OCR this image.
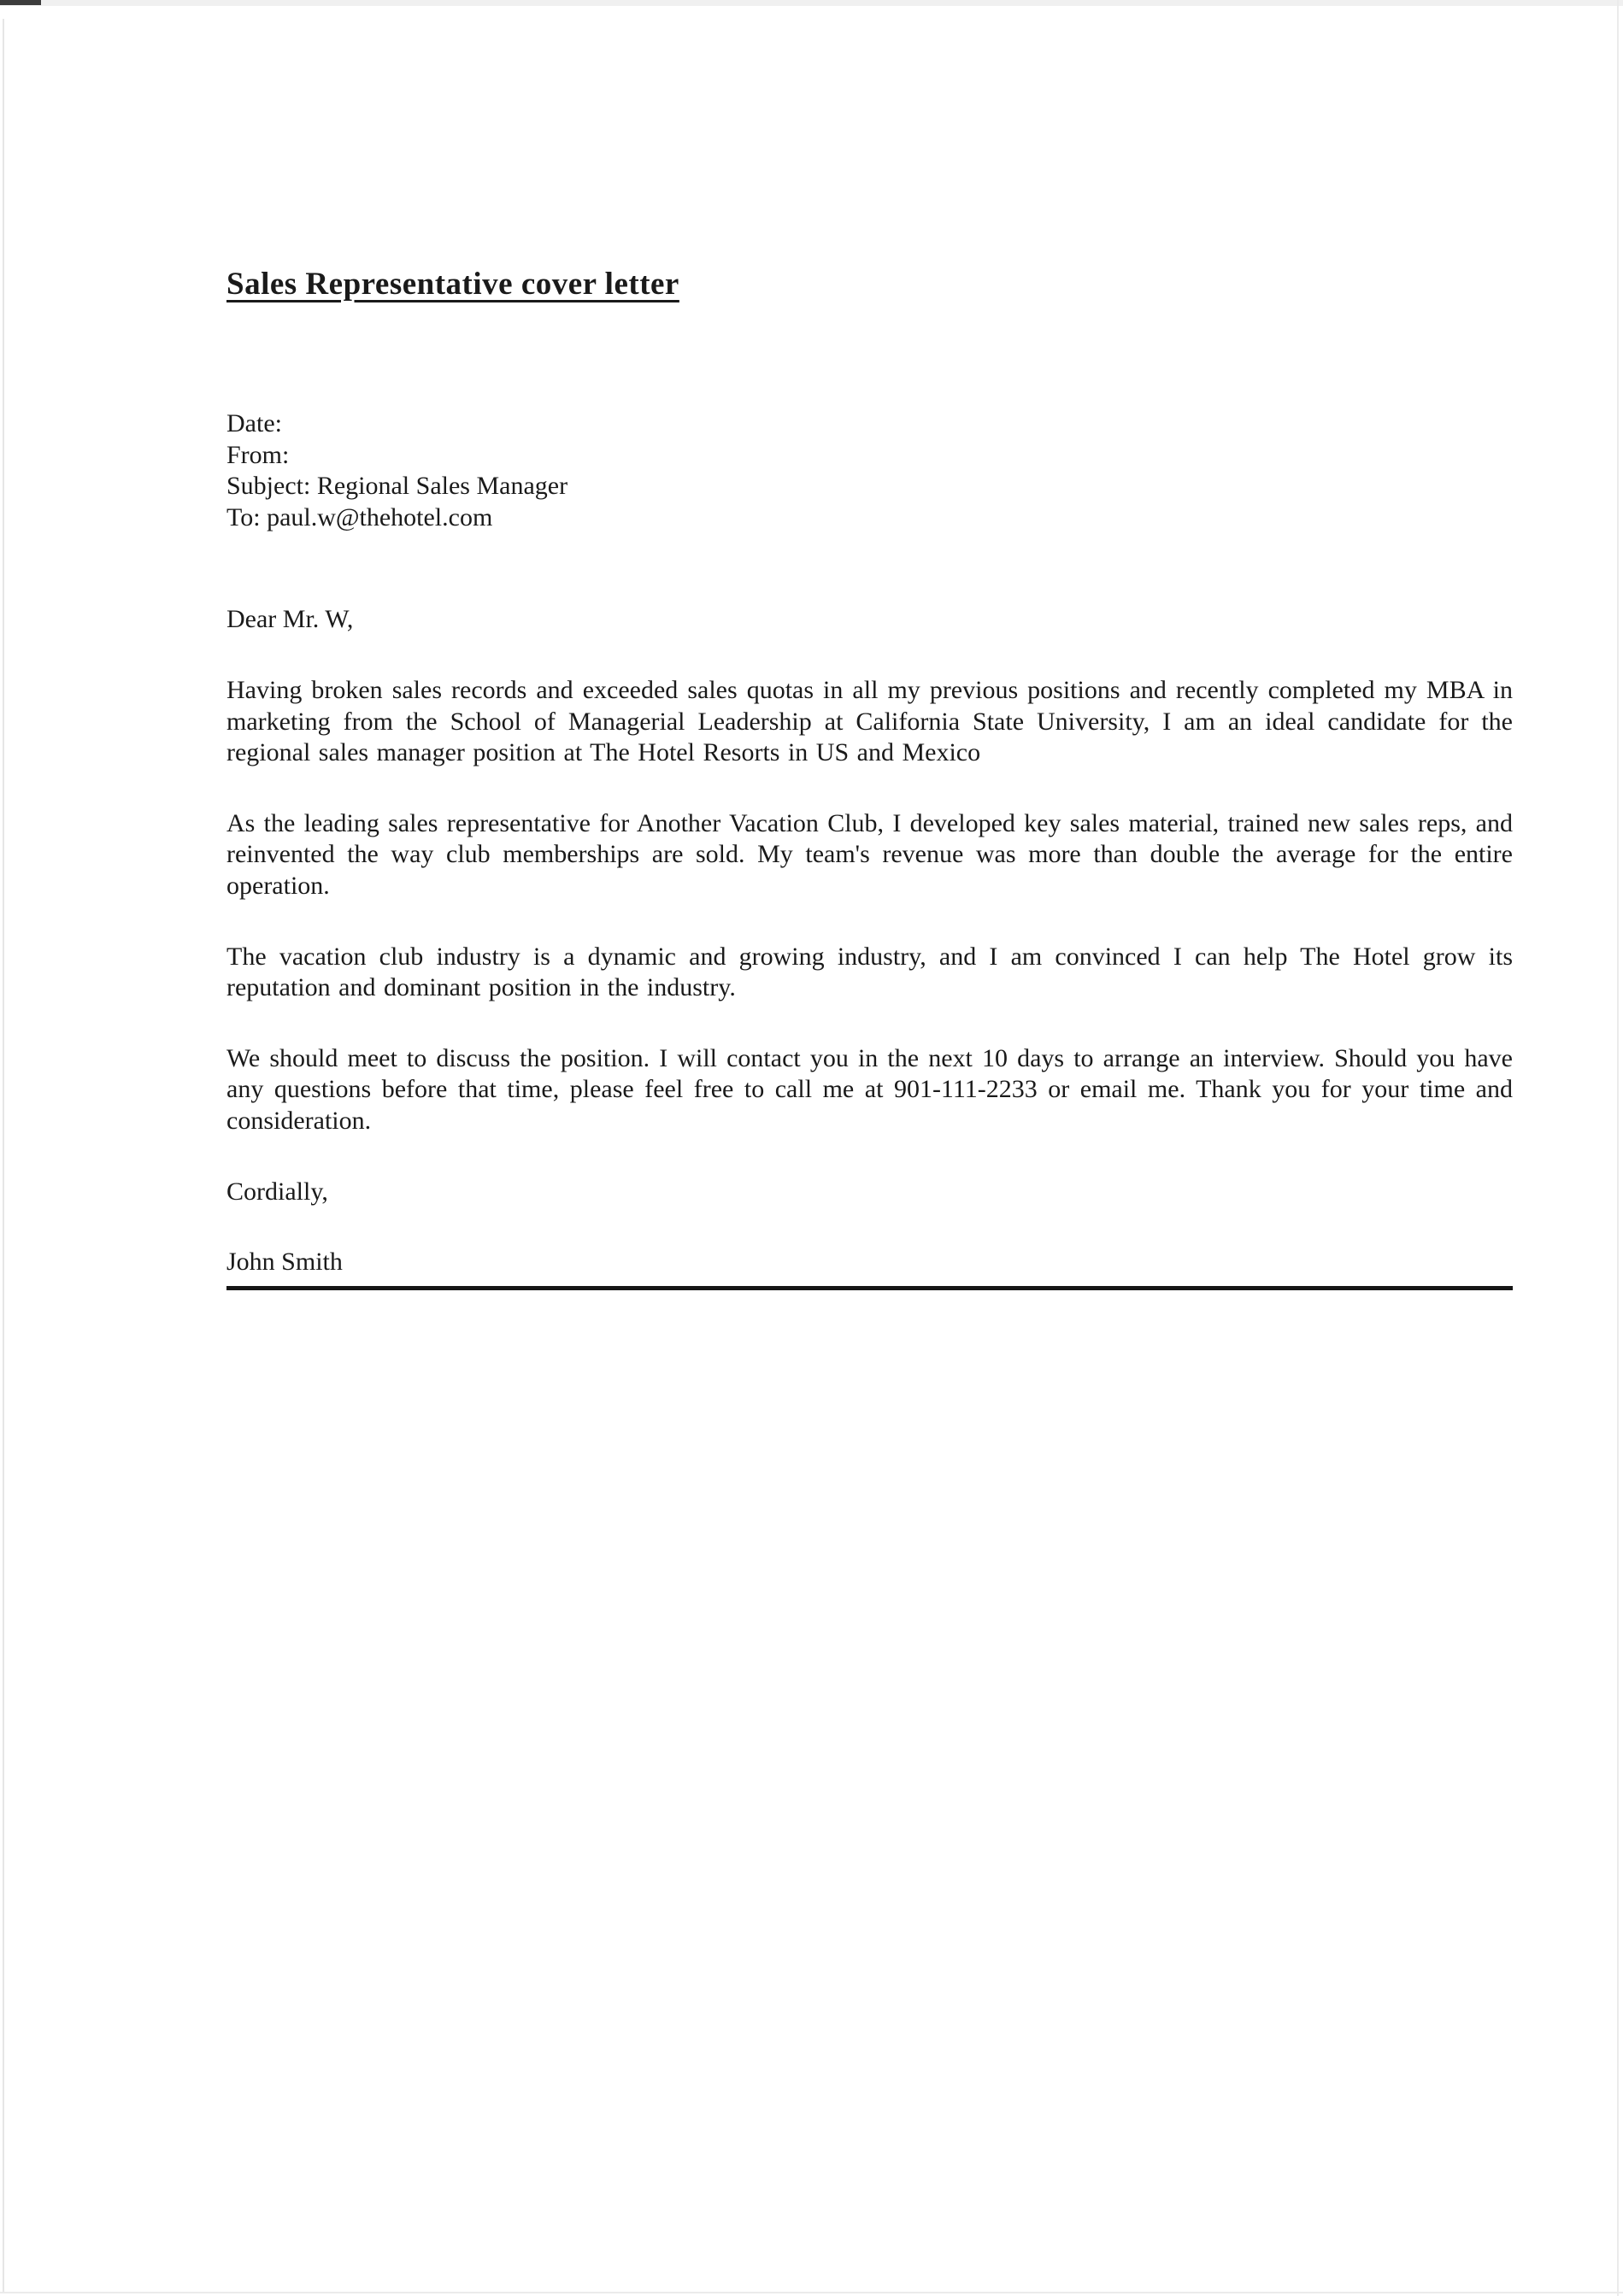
Sales Representative cover letter
Date:
From:
Subject: Regional Sales Manager
To: paul.w@thehotel.com

Dear Mr. W,

Having broken sales records and exceeded sales quotas in all my previous positions and recently completed my MBA in marketing from the School of Managerial Leadership at California State University, I am an ideal candidate for the regional sales manager position at The Hotel Resorts in US and Mexico

As the leading sales representative for Another Vacation Club, I developed key sales material, trained new sales reps, and reinvented the way club memberships are sold. My team's revenue was more than double the average for the entire operation.

The vacation club industry is a dynamic and growing industry, and I am convinced I can help The Hotel grow its reputation and dominant position in the industry.

We should meet to discuss the position. I will contact you in the next 10 days to arrange an interview. Should you have any questions before that time, please feel free to call me at 901-111-2233 or email me. Thank you for your time and consideration.

Cordially,

John Smith
